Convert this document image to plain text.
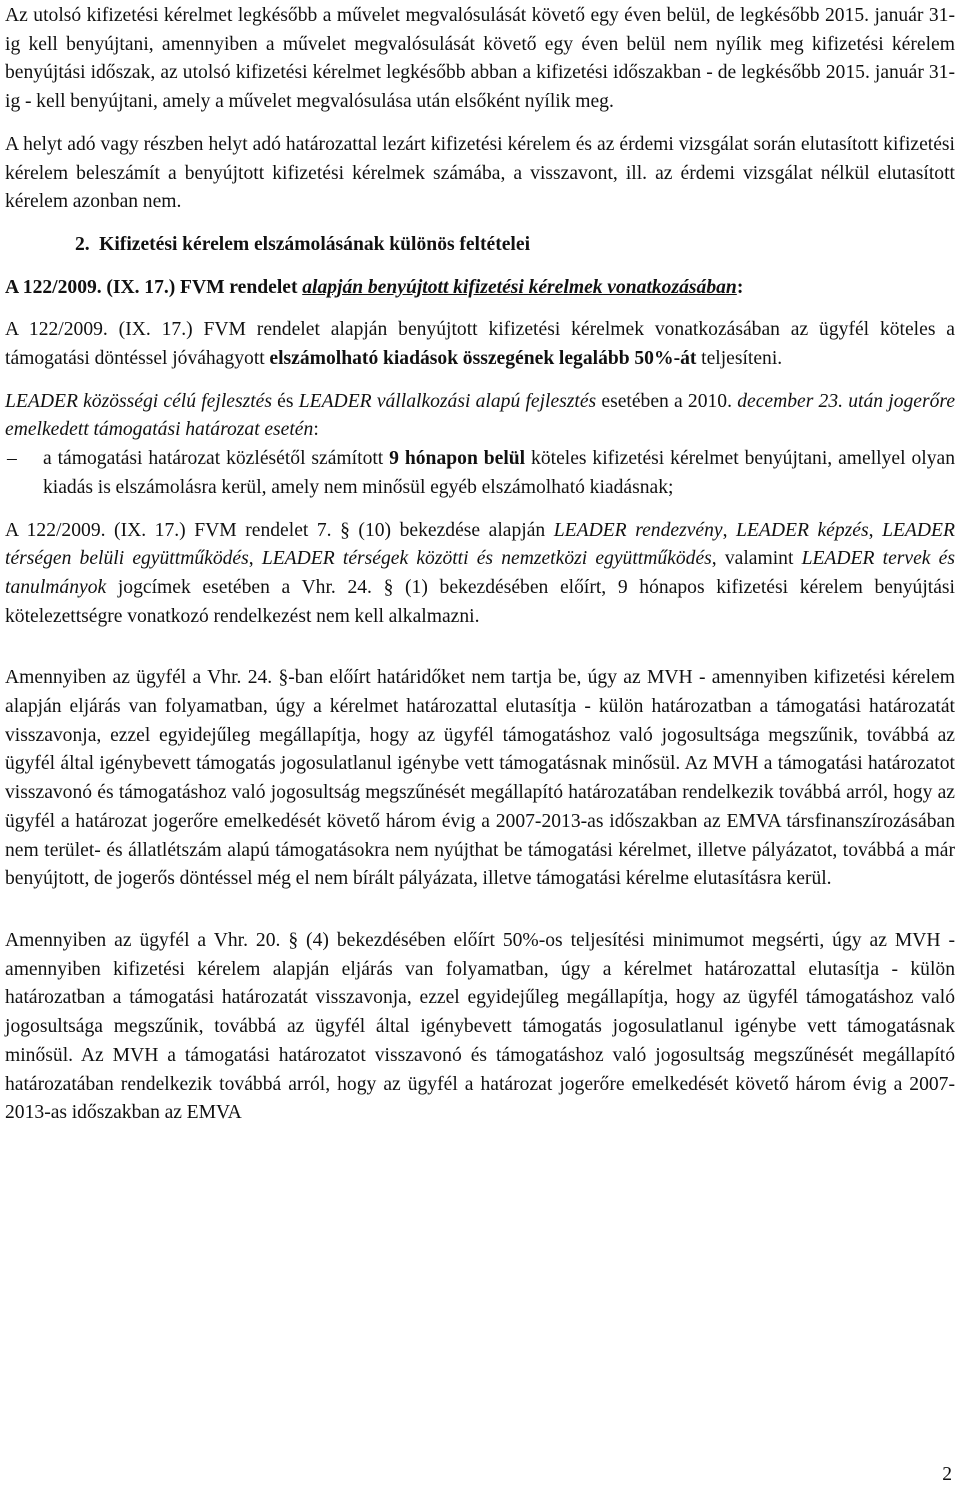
Az utolsó kifizetési kérelmet legkésőbb a művelet megvalósulását követő egy éven belül, de legkésőbb 2015. január 31-ig kell benyújtani, amennyiben a művelet megvalósulását követő egy éven belül nem nyílik meg kifizetési kérelem benyújtási időszak, az utolsó kifizetési kérelmet legkésőbb abban a kifizetési időszakban - de legkésőbb 2015. január 31-ig - kell benyújtani, amely a művelet megvalósulása után elsőként nyílik meg.

A helyt adó vagy részben helyt adó határozattal lezárt kifizetési kérelem és az érdemi vizsgálat során elutasított kifizetési kérelem beleszámít a benyújtott kifizetési kérelmek számába, a visszavont, ill. az érdemi vizsgálat nélkül elutasított kérelem azonban nem.

2. Kifizetési kérelem elszámolásának különös feltételei

A 122/2009. (IX. 17.) FVM rendelet alapján benyújtott kifizetési kérelmek vonatkozásában:

A 122/2009. (IX. 17.) FVM rendelet alapján benyújtott kifizetési kérelmek vonatkozásában az ügyfél köteles a támogatási döntéssel jóváhagyott elszámolható kiadások összegének legalább 50%-át teljesíteni.

LEADER közösségi célú fejlesztés és LEADER vállalkozási alapú fejlesztés esetében a 2010. december 23. után jogerőre emelkedett támogatási határozat esetén:

– a támogatási határozat közlésétől számított 9 hónapon belül köteles kifizetési kérelmet benyújtani, amellyel olyan kiadás is elszámolásra kerül, amely nem minősül egyéb elszámolható kiadásnak;

A 122/2009. (IX. 17.) FVM rendelet 7. § (10) bekezdése alapján LEADER rendezvény, LEADER képzés, LEADER térségen belüli együttműködés, LEADER térségek közötti és nemzetközi együttműködés, valamint LEADER tervek és tanulmányok jogcímek esetében a Vhr. 24. § (1) bekezdésében előírt, 9 hónapos kifizetési kérelem benyújtási kötelezettségre vonatkozó rendelkezést nem kell alkalmazni.

Amennyiben az ügyfél a Vhr. 24. §-ban előírt határidőket nem tartja be, úgy az MVH - amennyiben kifizetési kérelem alapján eljárás van folyamatban, úgy a kérelmet határozattal elutasítja - külön határozatban a támogatási határozatát visszavonja, ezzel egyidejűleg megállapítja, hogy az ügyfél támogatáshoz való jogosultsága megszűnik, továbbá az ügyfél által igénybevett támogatás jogosulatlanul igénybe vett támogatásnak minősül. Az MVH a támogatási határozatot visszavonó és támogatáshoz való jogosultság megszűnését megállapító határozatában rendelkezik továbbá arról, hogy az ügyfél a határozat jogerőre emelkedését követő három évig a 2007-2013-as időszakban az EMVA társfinanszírozásában nem terület- és állatlétszám alapú támogatásokra nem nyújthat be támogatási kérelmet, illetve pályázatot, továbbá a már benyújtott, de jogerős döntéssel még el nem bírált pályázata, illetve támogatási kérelme elutasításra kerül.

Amennyiben az ügyfél a Vhr. 20. § (4) bekezdésében előírt 50%-os teljesítési minimumot megsérti, úgy az MVH - amennyiben kifizetési kérelem alapján eljárás van folyamatban, úgy a kérelmet határozattal elutasítja - külön határozatban a támogatási határozatát visszavonja, ezzel egyidejűleg megállapítja, hogy az ügyfél támogatáshoz való jogosultsága megszűnik, továbbá az ügyfél által igénybevett támogatás jogosulatlanul igénybe vett támogatásnak minősül. Az MVH a támogatási határozatot visszavonó és támogatáshoz való jogosultság megszűnését megállapító határozatában rendelkezik továbbá arról, hogy az ügyfél a határozat jogerőre emelkedését követő három évig a 2007-2013-as időszakban az EMVA

2
